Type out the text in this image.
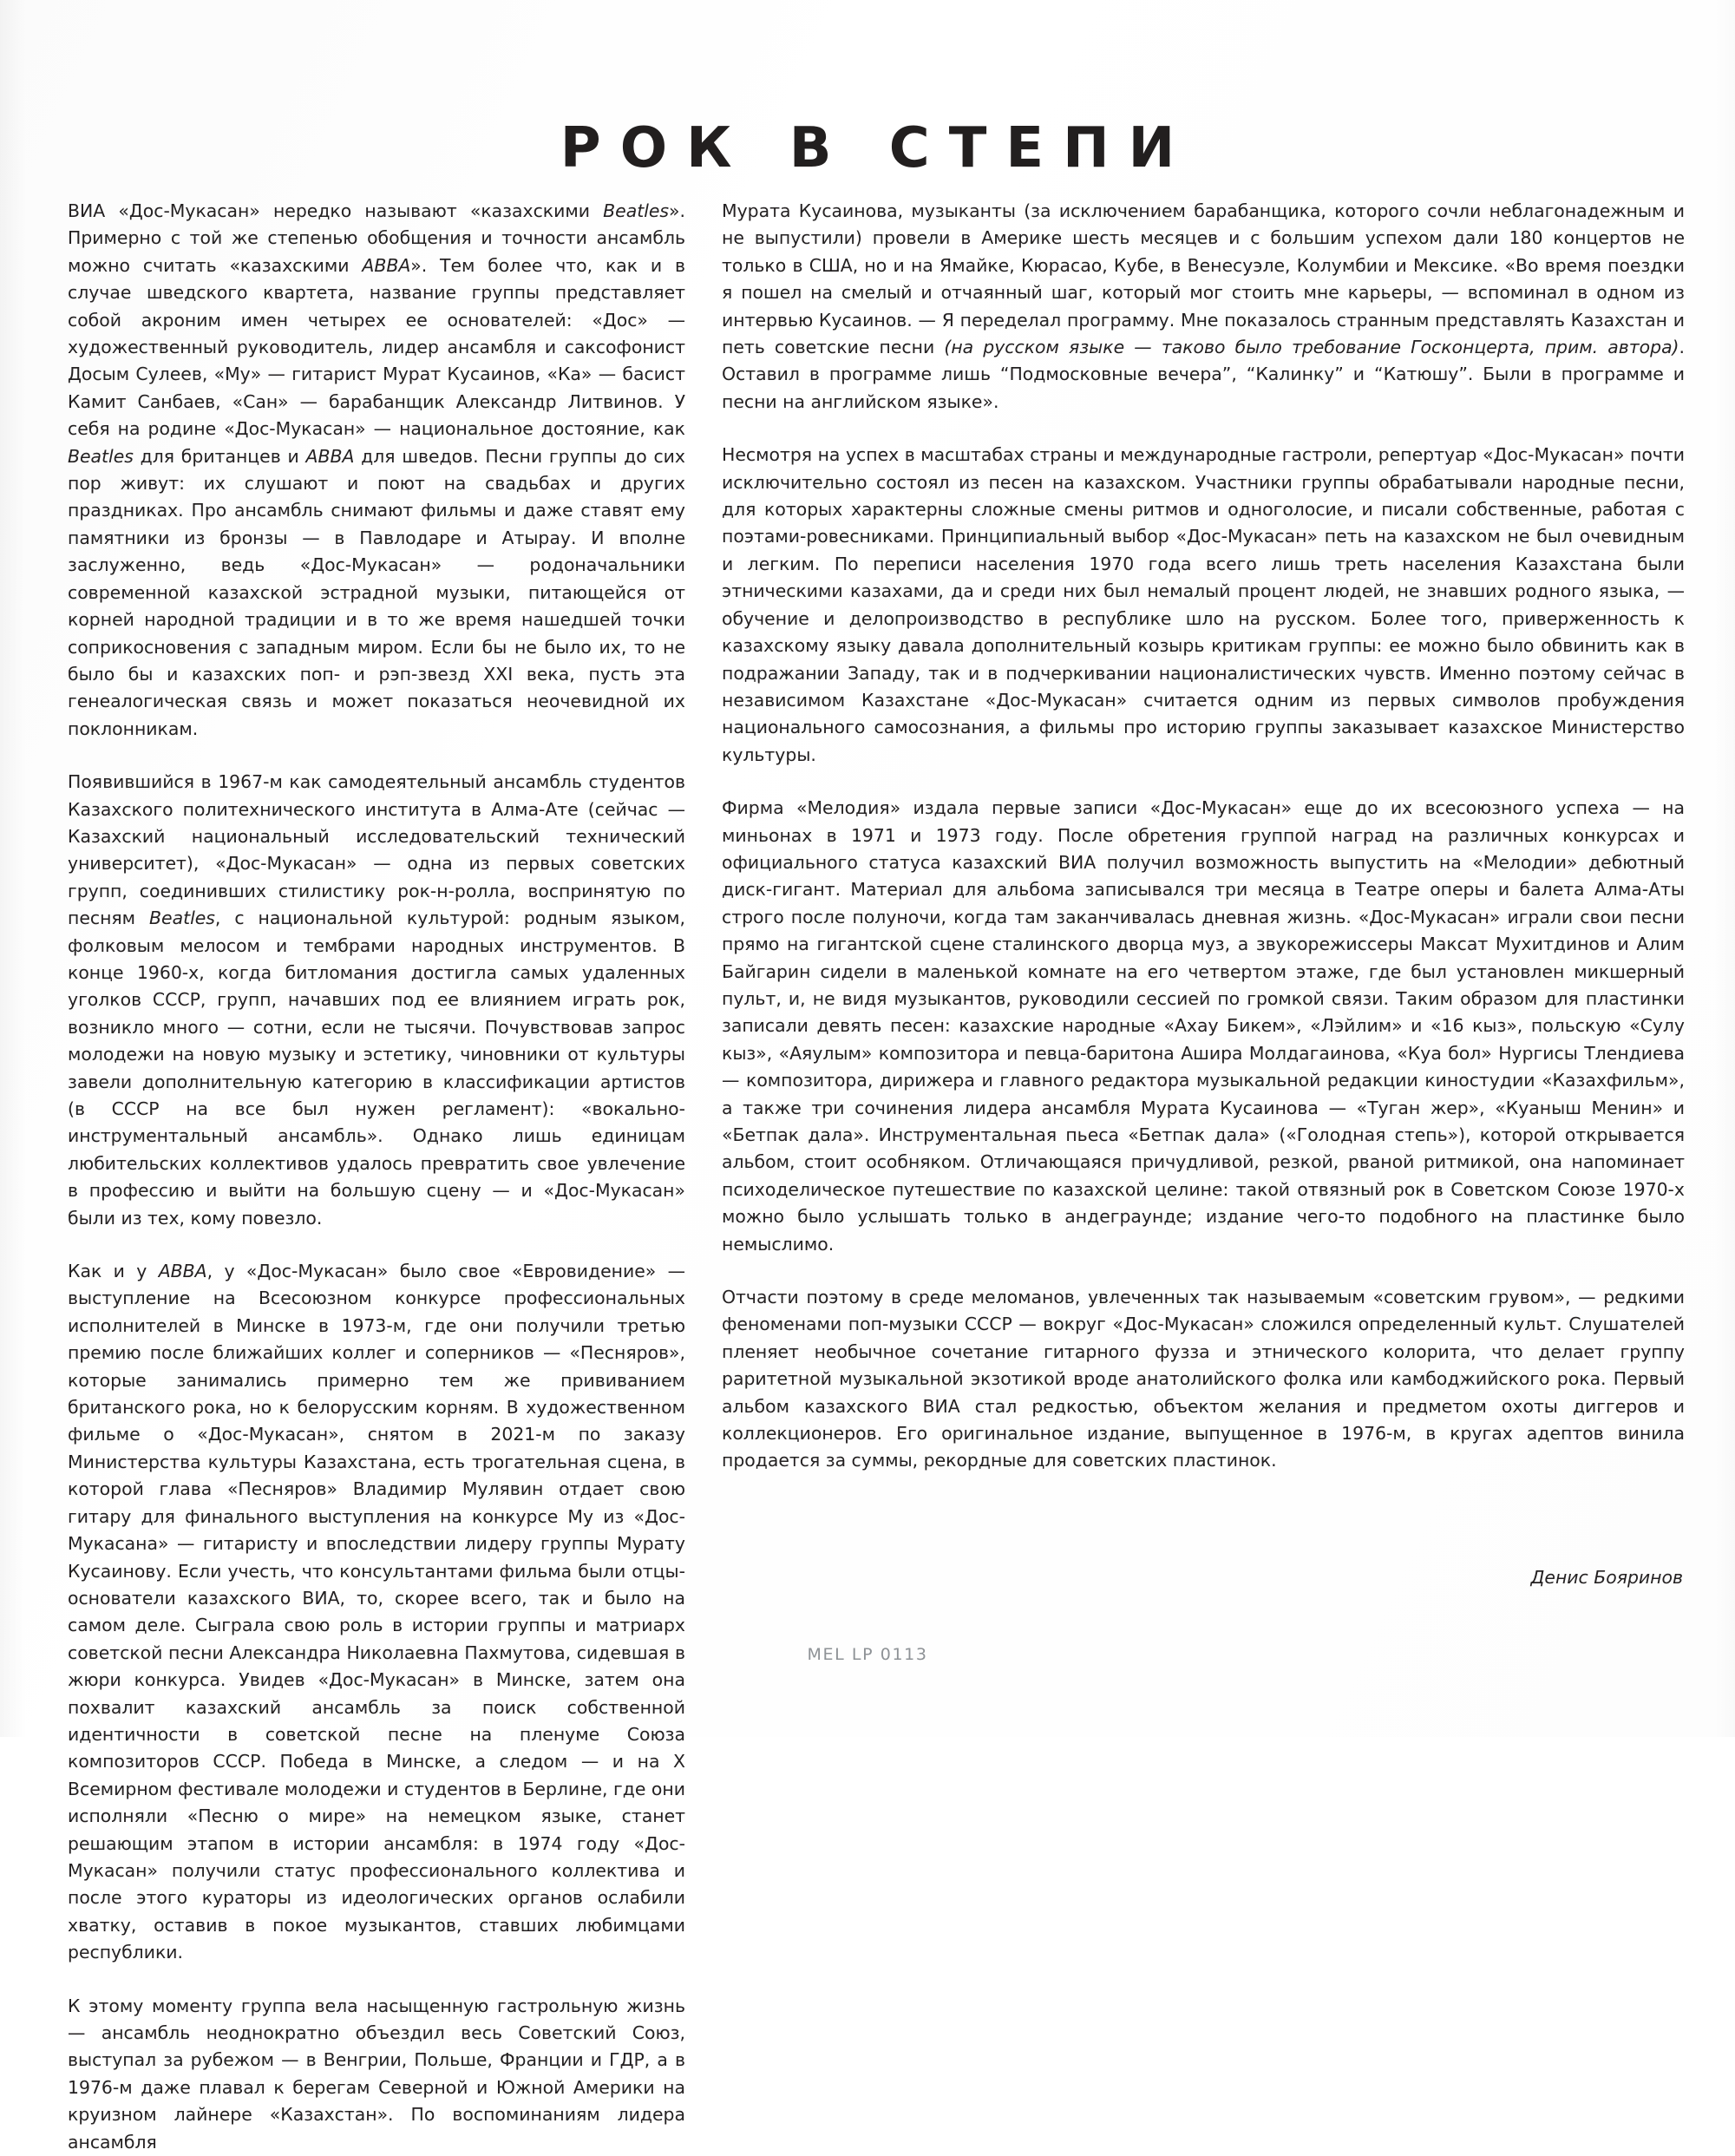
РОК В СТЕПИ

ВИА «Дос-Мукасан» нередко называют «казахскими Beatles». Примерно с той же степенью обобщения и точности ансамбль можно считать «казахскими ABBA». Тем более что, как и в случае шведского квартета, название группы представляет собой акроним имен четырех ее основателей: «Дос» — художественный руководитель, лидер ансамбля и саксофонист Досым Сулеев, «Му» — гитарист Мурат Кусаинов, «Ка» — басист Камит Санбаев, «Сан» — барабанщик Александр Литвинов. У себя на родине «Дос-Мукасан» — национальное достояние, как Beatles для британцев и ABBA для шведов. Песни группы до сих пор живут: их слушают и поют на свадьбах и других праздниках. Про ансамбль снимают фильмы и даже ставят ему памятники из бронзы — в Павлодаре и Атырау. И вполне заслуженно, ведь «Дос-Мукасан» — родоначальники современной казахской эстрадной музыки, питающейся от корней народной традиции и в то же время нашедшей точки соприкосновения с западным миром. Если бы не было их, то не было бы и казахских поп- и рэп-звезд XXI века, пусть эта генеалогическая связь и может показаться неочевидной их поклонникам.

Появившийся в 1967-м как самодеятельный ансамбль студентов Казахского политехнического института в Алма-Ате (сейчас — Казахский национальный исследовательский технический университет), «Дос-Мукасан» — одна из первых советских групп, соединивших стилистику рок-н-ролла, воспринятую по песням Beatles, с национальной культурой: родным языком, фолковым мелосом и тембрами народных инструментов. В конце 1960-х, когда битломания достигла самых удаленных уголков СССР, групп, начавших под ее влиянием играть рок, возникло много — сотни, если не тысячи. Почувствовав запрос молодежи на новую музыку и эстетику, чиновники от культуры завели дополнительную категорию в классификации артистов (в СССР на все был нужен регламент): «вокально-инструментальный ансамбль». Однако лишь единицам любительских коллективов удалось превратить свое увлечение в профессию и выйти на большую сцену — и «Дос-Мукасан» были из тех, кому повезло.

Как и у ABBA, у «Дос-Мукасан» было свое «Евровидение» — выступление на Всесоюзном конкурсе профессиональных исполнителей в Минске в 1973-м, где они получили третью премию после ближайших коллег и соперников — «Песняров», которые занимались примерно тем же прививанием британского рока, но к белорусским корням. В художественном фильме о «Дос-Мукасан», снятом в 2021-м по заказу Министерства культуры Казахстана, есть трогательная сцена, в которой глава «Песняров» Владимир Мулявин отдает свою гитару для финального выступления на конкурсе Му из «Дос-Мукасана» — гитаристу и впоследствии лидеру группы Мурату Кусаинову. Если учесть, что консультантами фильма были отцы-основатели казахского ВИА, то, скорее всего, так и было на самом деле. Сыграла свою роль в истории группы и матриарх советской песни Александра Николаевна Пахмутова, сидевшая в жюри конкурса. Увидев «Дос-Мукасан» в Минске, затем она похвалит казахский ансамбль за поиск собственной идентичности в советской песне на пленуме Союза композиторов СССР. Победа в Минске, а следом — и на X Всемирном фестивале молодежи и студентов в Берлине, где они исполняли «Песню о мире» на немецком языке, станет решающим этапом в истории ансамбля: в 1974 году «Дос-Мукасан» получили статус профессионального коллектива и после этого кураторы из идеологических органов ослабили хватку, оставив в покое музыкантов, ставших любимцами республики.

К этому моменту группа вела насыщенную гастрольную жизнь — ансамбль неоднократно объездил весь Советский Союз, выступал за рубежом — в Венгрии, Польше, Франции и ГДР, а в 1976-м даже плавал к берегам Северной и Южной Америки на круизном лайнере «Казахстан». По воспоминаниям лидера ансамбля

Мурата Кусаинова, музыканты (за исключением барабанщика, которого сочли неблагонадежным и не выпустили) провели в Америке шесть месяцев и с большим успехом дали 180 концертов не только в США, но и на Ямайке, Кюрасао, Кубе, в Венесуэле, Колумбии и Мексике. «Во время поездки я пошел на смелый и отчаянный шаг, который мог стоить мне карьеры, — вспоминал в одном из интервью Кусаинов. — Я переделал программу. Мне показалось странным представлять Казахстан и петь советские песни (на русском языке — таково было требование Госконцерта, прим. автора). Оставил в программе лишь “Подмосковные вечера”, “Калинку” и “Катюшу”. Были в программе и песни на английском языке».

Несмотря на успех в масштабах страны и международные гастроли, репертуар «Дос-Мукасан» почти исключительно состоял из песен на казахском. Участники группы обрабатывали народные песни, для которых характерны сложные смены ритмов и одноголосие, и писали собственные, работая с поэтами-ровесниками. Принципиальный выбор «Дос-Мукасан» петь на казахском не был очевидным и легким. По переписи населения 1970 года всего лишь треть населения Казахстана были этническими казахами, да и среди них был немалый процент людей, не знавших родного языка, — обучение и делопроизводство в республике шло на русском. Более того, приверженность к казахскому языку давала дополнительный козырь критикам группы: ее можно было обвинить как в подражании Западу, так и в подчеркивании националистических чувств. Именно поэтому сейчас в независимом Казахстане «Дос-Мукасан» считается одним из первых символов пробуждения национального самосознания, а фильмы про историю группы заказывает казахское Министерство культуры.

Фирма «Мелодия» издала первые записи «Дос-Мукасан» еще до их всесоюзного успеха — на миньонах в 1971 и 1973 году. После обретения группой наград на различных конкурсах и официального статуса казахский ВИА получил возможность выпустить на «Мелодии» дебютный диск-гигант. Материал для альбома записывался три месяца в Театре оперы и балета Алма-Аты строго после полуночи, когда там заканчивалась дневная жизнь. «Дос-Мукасан» играли свои песни прямо на гигантской сцене сталинского дворца муз, а звукорежиссеры Максат Мухитдинов и Алим Байгарин сидели в маленькой комнате на его четвертом этаже, где был установлен микшерный пульт, и, не видя музыкантов, руководили сессией по громкой связи. Таким образом для пластинки записали девять песен: казахские народные «Ахау Бикем», «Лэйлим» и «16 кыз», польскую «Сулу кыз», «Аяулым» композитора и певца-баритона Ашира Молдагаинова, «Куа бол» Нургисы Тлендиева — композитора, дирижера и главного редактора музыкальной редакции киностудии «Казахфильм», а также три сочинения лидера ансамбля Мурата Кусаинова — «Туган жер», «Куаныш Менин» и «Бетпак дала». Инструментальная пьеса «Бетпак дала» («Голодная степь»), которой открывается альбом, стоит особняком. Отличающаяся причудливой, резкой, рваной ритмикой, она напоминает психоделическое путешествие по казахской целине: такой отвязный рок в Советском Союзе 1970-х можно было услышать только в андеграунде; издание чего-то подобного на пластинке было немыслимо.

Отчасти поэтому в среде меломанов, увлеченных так называемым «советским грувом», — редкими феноменами поп-музыки СССР — вокруг «Дос-Мукасан» сложился определенный культ. Слушателей пленяет необычное сочетание гитарного фузза и этнического колорита, что делает группу раритетной музыкальной экзотикой вроде анатолийского фолка или камбоджийского рока. Первый альбом казахского ВИА стал редкостью, объектом желания и предметом охоты диггеров и коллекционеров. Его оригинальное издание, выпущенное в 1976-м, в кругах адептов винила продается за суммы, рекордные для советских пластинок.

Денис Бояринов
MEL LP 0113
